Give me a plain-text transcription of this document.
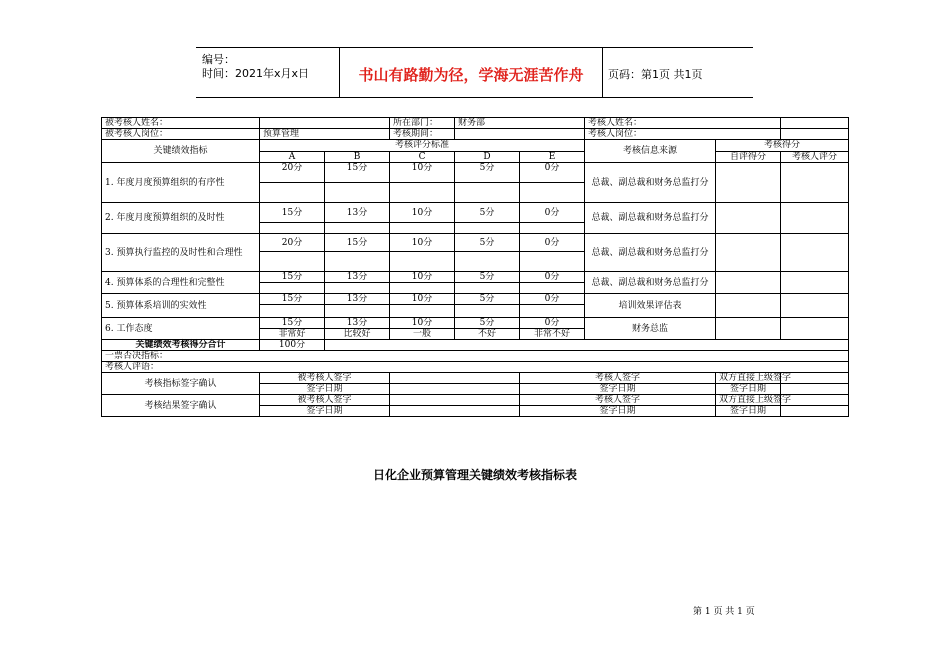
编号：
时间：2021年x月x日	书山有路勤为径，学海无涯苦作舟	页码：第1页 共1页
被考核人姓名：			所在部门：	财务部		考核人姓名：		
被考核人岗位：	预算管理		考核期间：			考核人岗位：		
关键绩效指标	考核评分标准					考核信息来源	考核得分	
	A	B	C	D	E		自评得分	考核人评分
1. 年度月度预算组织的有序性	20分	15分	10分	5分	0分	总裁、副总裁和财务总监打分		

2. 年度月度预算组织的及时性	15分	13分	10分	5分	0分	总裁、副总裁和财务总监打分		

3. 预算执行监控的及时性和合理性	20分	15分	10分	5分	0分	总裁、副总裁和财务总监打分		

4. 预算体系的合理性和完整性	15分	13分	10分	5分	0分	总裁、副总裁和财务总监打分		

5. 预算体系培训的实效性	15分	13分	10分	5分	0分	培训效果评估表		

6. 工作态度	15分	13分	10分	5分	0分	财务总监		
	非常好	比较好	一般	不好	非常不好			
关键绩效考核得分合计	100分							
一票否决指标：								
考核人评语：								
考核指标签字确认	被考核人签字				考核人签字		双方直接上级签字	
	签字日期				签字日期		签字日期	
考核结果签字确认	被考核人签字				考核人签字		双方直接上级签字	
	签字日期				签字日期		签字日期	
日化企业预算管理关键绩效考核指标表
第 1 页 共 1 页
